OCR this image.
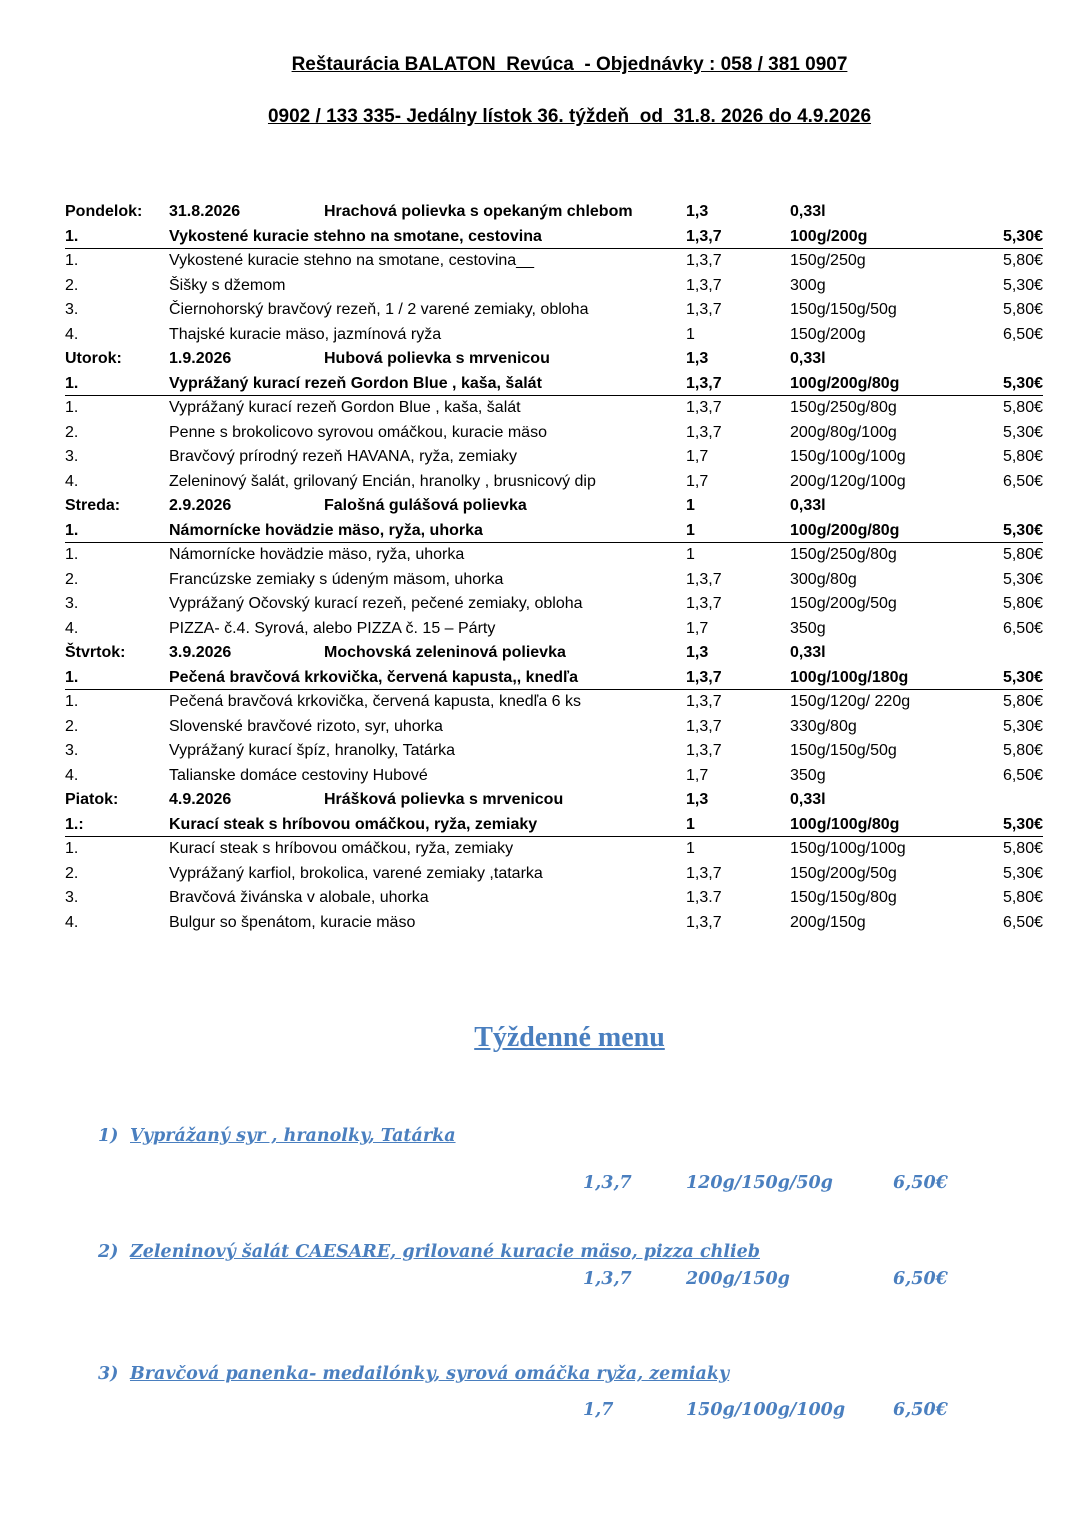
Reštaurácia BALATON  Revúca  - Objednávky : 058 / 381 0907
0902 / 133 335- Jedálny lístok 36. týždeň  od  31.8. 2026 do 4.9.2026
Pondelok:	31.8.2026	Hrachová polievka s opekaným chlebom	1,3	0,33l
1.	Vykostené kuracie stehno na smotane, cestovina	1,3,7	100g/200g	5,30€
1.	Vykostené kuracie stehno na smotane, cestovina__	1,3,7	150g/250g	5,80€
2.	Šišky s džemom	1,3,7	300g	5,30€
3.	Čiernohorský bravčový rezeň, 1 / 2 varené zemiaky, obloha	1,3,7	150g/150g/50g	5,80€
4.	Thajské kuracie mäso, jazmínová ryža	1	150g/200g	6,50€
Utorok:	1.9.2026	Hubová polievka s mrvenicou	1,3	0,33l
1.	Vyprážaný kurací rezeň Gordon Blue , kaša, šalát	1,3,7	100g/200g/80g	5,30€
1.	Vyprážaný kurací rezeň Gordon Blue , kaša, šalát	1,3,7	150g/250g/80g	5,80€
2.	Penne s brokolicovo syrovou omáčkou, kuracie mäso	1,3,7	200g/80g/100g	5,30€
3.	Bravčový prírodný rezeň HAVANA, ryža, zemiaky	1,7	150g/100g/100g	5,80€
4.	Zeleninový šalát, grilovaný Encián, hranolky , brusnicový dip	1,7	200g/120g/100g	6,50€
Streda:	2.9.2026	Falošná gulášová polievka	1	0,33l
1.	Námornícke hovädzie mäso, ryža, uhorka	1	100g/200g/80g	5,30€
1.	Námornícke hovädzie mäso, ryža, uhorka	1	150g/250g/80g	5,80€
2.	Francúzske zemiaky s údeným mäsom, uhorka	1,3,7	300g/80g	5,30€
3.	Vyprážaný Očovský kurací rezeň, pečené zemiaky, obloha	1,3,7	150g/200g/50g	5,80€
4.	PIZZA- č.4. Syrová, alebo PIZZA č. 15 – Párty	1,7	350g	6,50€
Štvrtok:	3.9.2026	Mochovská zeleninová polievka	1,3	0,33l
1.	Pečená bravčová krkovička, červená kapusta,, knedľa	1,3,7	100g/100g/180g	5,30€
1.	Pečená bravčová krkovička, červená kapusta, knedľa 6 ks	1,3,7	150g/120g/ 220g	5,80€
2.	Slovenské bravčové rizoto, syr, uhorka	1,3,7	330g/80g	5,30€
3.	Vyprážaný kurací špíz, hranolky, Tatárka	1,3,7	150g/150g/50g	5,80€
4.	Talianske domáce cestoviny Hubové	1,7	350g	6,50€
Piatok:	4.9.2026	Hrášková polievka s mrvenicou	1,3	0,33l
1.:	Kurací steak s hríbovou omáčkou, ryža, zemiaky	1	100g/100g/80g	5,30€
1.	Kurací steak s hríbovou omáčkou, ryža, zemiaky	1	150g/100g/100g	5,80€
2.	Vyprážaný karfiol, brokolica, varené zemiaky ,tatarka	1,3,7	150g/200g/50g	5,30€
3.	Bravčová živánska v alobale, uhorka	1,3.7	150g/150g/80g	5,80€
4.	Bulgur so špenátom, kuracie mäso	1,3,7	200g/150g	6,50€
Týždenné menu
1) Vyprážaný syr , hranolky, Tatárka
1,3,7	120g/150g/50g	6,50€
2) Zeleninový šalát CAESARE, grilované kuracie mäso, pizza chlieb
1,3,7	200g/150g	6,50€
3) Bravčová panenka- medailónky, syrová omáčka ryža, zemiaky
1,7	150g/100g/100g	6,50€
